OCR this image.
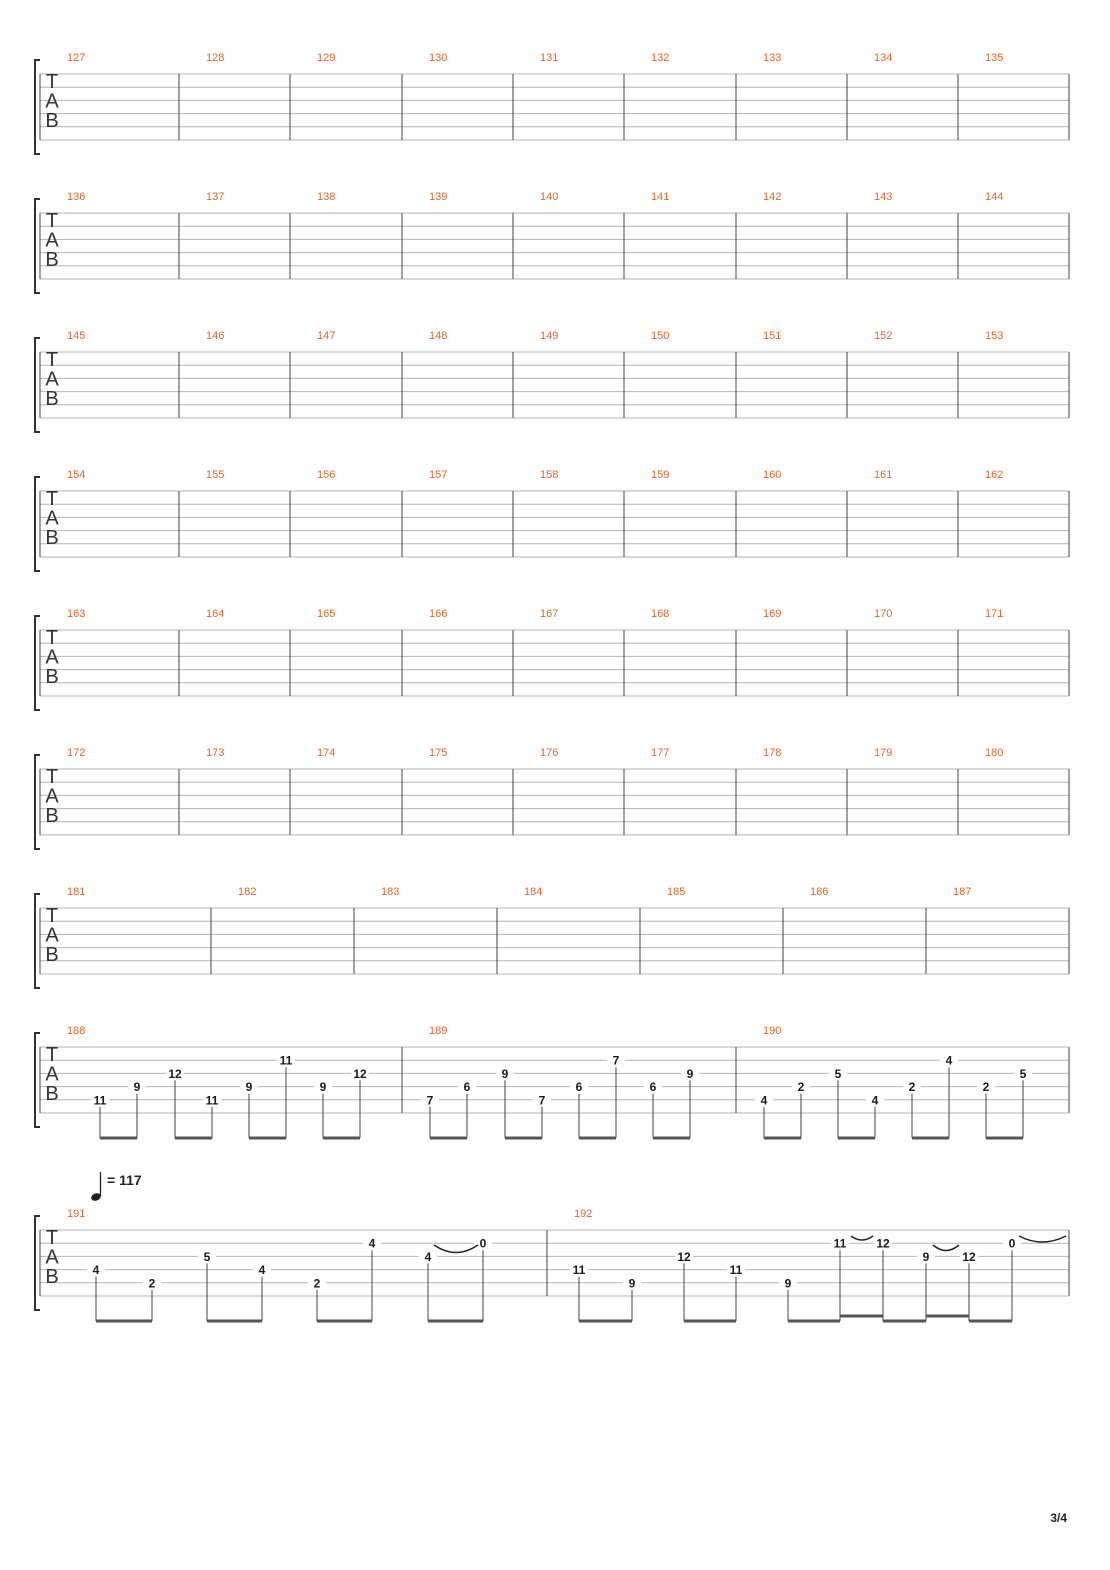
= 117
3/4
T
A
B
127	128	129	130	131	132	133	134	135
T
A
B
136	137	138	139	140	141	142	143	144
T
A
B
145	146	147	148	149	150	151	152	153
T
A
B
154	155	156	157	158	159	160	161	162
T
A
B
163	164	165	166	167	168	169	170	171
T
A
B
172	173	174	175	176	177	178	179	180
T
A
B
181	182	183	184	185	186	187
T
A
B
188	189	190
11
9
12
11
9
11
9
12
7
6
9
7
6
7
6
9
4
2
5
4
2
4
2
5
T
A
B
191	192
4
2
5
4
2
4
4
0
11
9
12
11
9
11 12
9	12
0
